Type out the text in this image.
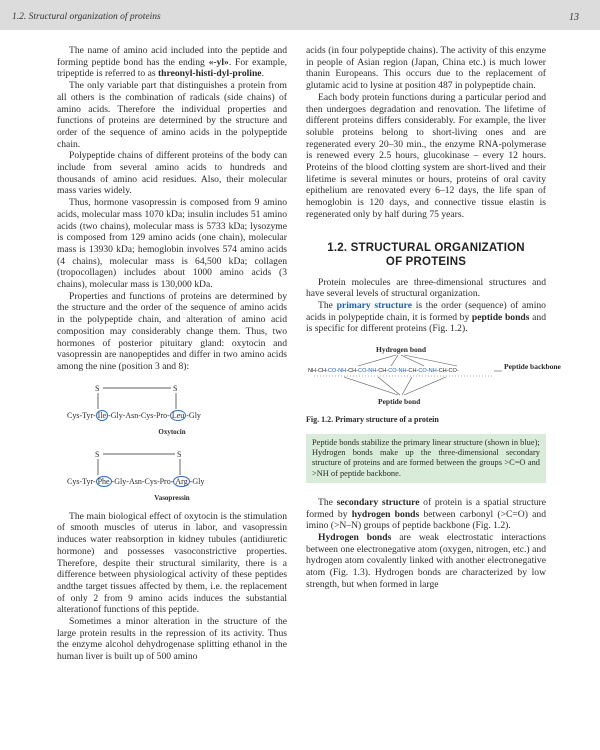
1.2. Structural organization of proteins	13

The name of amino acid included into the peptide and forming peptide bond has the ending «-yl». For example, tripeptide is referred to as threonyl-histi-dyl-proline.

The only variable part that distinguishes a protein from all others is the combination of radicals (side chains) of amino acids. Therefore the individual properties and functions of proteins are determined by the structure and order of the sequence of amino acids in the polypeptide chain.

Polypeptide chains of different proteins of the body can include from several amino acids to hundreds and thousands of amino acid residues. Also, their molecular mass varies widely.

Thus, hormone vasopressin is composed from 9 amino acids, molecular mass 1070 kDa; insulin includes 51 amino acids (two chains), molecular mass is 5733 kDa; lysozyme is composed from 129 amino acids (one chain), molecular mass is 13930 kDa; hemoglobin involves 574 amino acids (4 chains), molecular mass is 64,500 kDa; collagen (tropocollagen) includes about 1000 amino acids (3 chains), molecular mass is 130,000 kDa.

Properties and functions of proteins are determined by the structure and the order of the sequence of amino acids in the polypeptide chain, and alteration of amino acid composition may considerably change them. Thus, two hormones of posterior pituitary gland: oxytocin and vasopressin are nanopeptides and differ in two amino acids among the nine (position 3 and 8):

S	S
Cys-Tyr- Ile -Gly-Asn-Cys-Pro- Leu -Gly
Oxytocin
S	S
Cys-Tyr- Phe -Gly-Asn-Cys-Pro- Arg -Gly
Vasopressin

The main biological effect of oxytocin is the stimulation of smooth muscles of uterus in labor, and vasopressin induces water reabsorption in kidney tubules (antidiuretic hormone) and possesses vasoconstrictive properties. Therefore, despite their structural similarity, there is a difference between physiological activity of these peptides andthe target tissues affected by them, i.e. the replacement of only 2 from 9 amino acids induces the substantial alterationof functions of this peptide.

Sometimes a minor alteration in the structure of the large protein results in the repression of its activity. Thus the enzyme alcohol dehydrogenase splitting ethanol in the human liver is built up of 500 amino

acids (in four polypeptide chains). The activity of this enzyme in people of Asian region (Japan, China etc.) is much lower thanin Europeans. This occurs due to the replacement of glutamic acid to lysine at position 487 in polypeptide chain.

Each body protein functions during a particular period and then undergoes degradation and renovation. The lifetime of different proteins differs considerably. For example, the liver soluble proteins belong to short-living ones and are regenerated every 20–30 min., the enzyme RNA-polymerase is renewed every 2.5 hours, glucokinase – every 12 hours. Proteins of the blood clotting system are short-lived and their lifetime is several minutes or hours, proteins of oral cavity epithelium are renovated every 6–12 days, the life span of hemoglobin is 120 days, and connective tissue elastin is regenerated only by half during 75 years.

1.2. STRUCTURAL ORGANIZATION
OF PROTEINS

Protein molecules are three-dimensional structures and have several levels of structural organization.

The primary structure is the order (sequence) of amino acids in polypeptide chain, it is formed by peptide bonds and is specific for different proteins (Fig. 1.2).

Hydrogen bond
NH-CH-CO-NH-CH-CO-NH-CH-CO-NH-CH-CO-NH-CH-CO-	Peptide backbone
Peptide bond

Fig. 1.2. Primary structure of a protein

Peptide bonds stabilize the primary linear structure (shown in blue);

Hydrogen bonds make up the three-dimensional secondary structure of proteins and are formed between the groups >C=O and >NH of peptide backbone.

The secondary structure of protein is a spatial structure formed by hydrogen bonds between carbonyl (>C=O) and imino (>N–N) groups of peptide backbone (Fig. 1.2).

Hydrogen bonds are weak electrostatic interactions between one electronegative atom (oxygen, nitrogen, etc.) and hydrogen atom covalently linked with another electronegative atom (Fig. 1.3). Hydrogen bonds are characterized by low strength, but when formed in large
